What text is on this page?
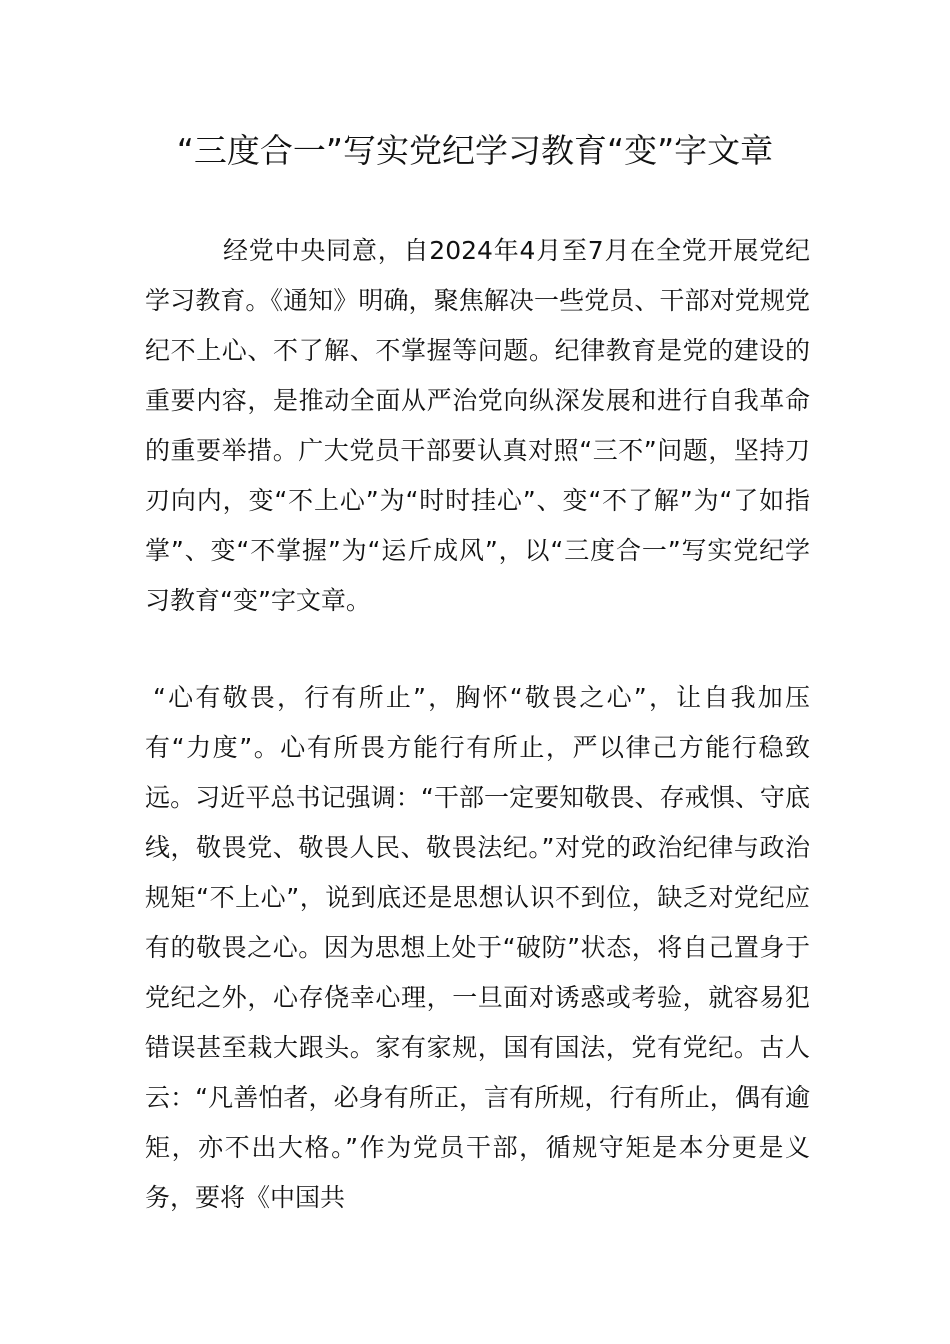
“三度合一”写实党纪学习教育“变”字文章

经党中央同意，自2024年4月至7月在全党开展党纪学习教育。《通知》明确，聚焦解决一些党员、干部对党规党纪不上心、不了解、不掌握等问题。纪律教育是党的建设的重要内容，是推动全面从严治党向纵深发展和进行自我革命的重要举措。广大党员干部要认真对照“三不”问题，坚持刀刃向内，变“不上心”为“时时挂心”、变“不了解”为“了如指掌”、变“不掌握”为“运斤成风”，以“三度合一”写实党纪学习教育“变”字文章。

“心有敬畏，行有所止”，胸怀“敬畏之心”，让自我加压有“力度”。心有所畏方能行有所止，严以律己方能行稳致远。习近平总书记强调：“干部一定要知敬畏、存戒惧、守底线，敬畏党、敬畏人民、敬畏法纪。”对党的政治纪律与政治规矩“不上心”，说到底还是思想认识不到位，缺乏对党纪应有的敬畏之心。因为思想上处于“破防”状态，将自己置身于党纪之外，心存侥幸心理，一旦面对诱惑或考验，就容易犯错误甚至栽大跟头。家有家规，国有国法，党有党纪。古人云：“凡善怕者，必身有所正，言有所规，行有所止，偶有逾矩，亦不出大格。”作为党员干部，循规守矩是本分更是义务，要将《中国共
